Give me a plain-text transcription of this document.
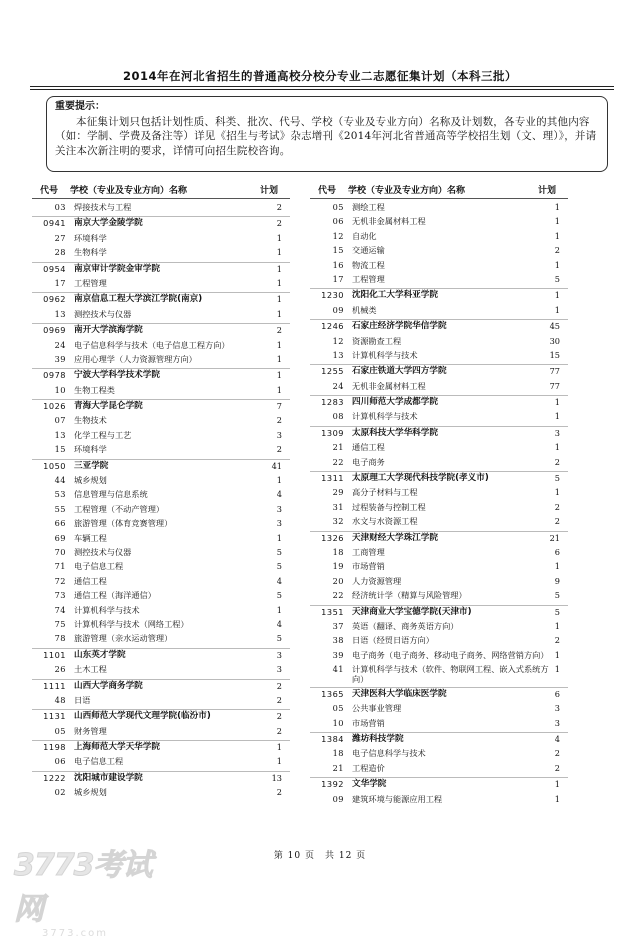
2014年在河北省招生的普通高校分校分专业二志愿征集计划（本科三批）
重要提示：
本征集计划只包括计划性质、科类、批次、代号、学校（专业及专业方向）名称及计划数，各专业的其他内容（如：学制、学费及备注等）详见《招生与考试》杂志增刊《2014年河北省普通高等学校招生划（文、理）》，并请关注本次新注明的要求，详情可向招生院校咨询。
代号 学校（专业及专业方向）名称	计划
03 焊接技术与工程	2
0941 南京大学金陵学院	2
27 环境科学	1
28 生物科学	1
0954 南京审计学院金审学院	1
17 工程管理	1
0962 南京信息工程大学滨江学院(南京)	1
13 测控技术与仪器	1
0969 南开大学滨海学院	2
24 电子信息科学与技术（电子信息工程方向）	1
39 应用心理学（人力资源管理方向）	1
0978 宁波大学科学技术学院	1
10 生物工程类	1
1026 青海大学昆仑学院	7
07 生物技术	2
13 化学工程与工艺	3
15 环境科学	2
1050 三亚学院	41
44 城乡规划	1
53 信息管理与信息系统	4
55 工程管理（不动产管理）	3
66 旅游管理（体育竞赛管理）	3
69 车辆工程	1
70 测控技术与仪器	5
71 电子信息工程	5
72 通信工程	4
73 通信工程（海洋通信）	5
74 计算机科学与技术	1
75 计算机科学与技术（网络工程）	4
78 旅游管理（亲水运动管理）	5
1101 山东英才学院	3
26 土木工程	3
1111 山西大学商务学院	2
48 日语	2
1131 山西师范大学现代文理学院(临汾市)	2
05 财务管理	2
1198 上海师范大学天华学院	1
06 电子信息工程	1
1222 沈阳城市建设学院	13
02 城乡规划	2
代号 学校（专业及专业方向）名称	计划
05 测绘工程	1
06 无机非金属材料工程	1
12 自动化	1
15 交通运输	2
16 物流工程	1
17 工程管理	5
1230 沈阳化工大学科亚学院	1
09 机械类	1
1246 石家庄经济学院华信学院	45
12 资源勘查工程	30
13 计算机科学与技术	15
1255 石家庄铁道大学四方学院	77
24 无机非金属材料工程	77
1283 四川师范大学成都学院	1
08 计算机科学与技术	1
1309 太原科技大学华科学院	3
21 通信工程	1
22 电子商务	2
1311 太原理工大学现代科技学院(孝义市)	5
29 高分子材料与工程	1
31 过程装备与控制工程	2
32 水文与水资源工程	2
1326 天津财经大学珠江学院	21
18 工商管理	6
19 市场营销	1
20 人力资源管理	9
22 经济统计学（精算与风险管理）	5
1351 天津商业大学宝德学院(天津市)	5
37 英语（翻译、商务英语方向）	1
38 日语（经贸日语方向）	2
39 电子商务（电子商务、移动电子商务、网络营销方向） 1
41 计算机科学与技术（软件、物联网工程、嵌入式系统方向）
1
1365 天津医科大学临床医学院	6
05 公共事业管理	3
10 市场营销	3
1384 潍坊科技学院	4
18 电子信息科学与技术	2
21 工程造价	2
1392 文华学院	1
09 建筑环境与能源应用工程	1
第 10 页　共 12 页
3773考试网
3773.com
